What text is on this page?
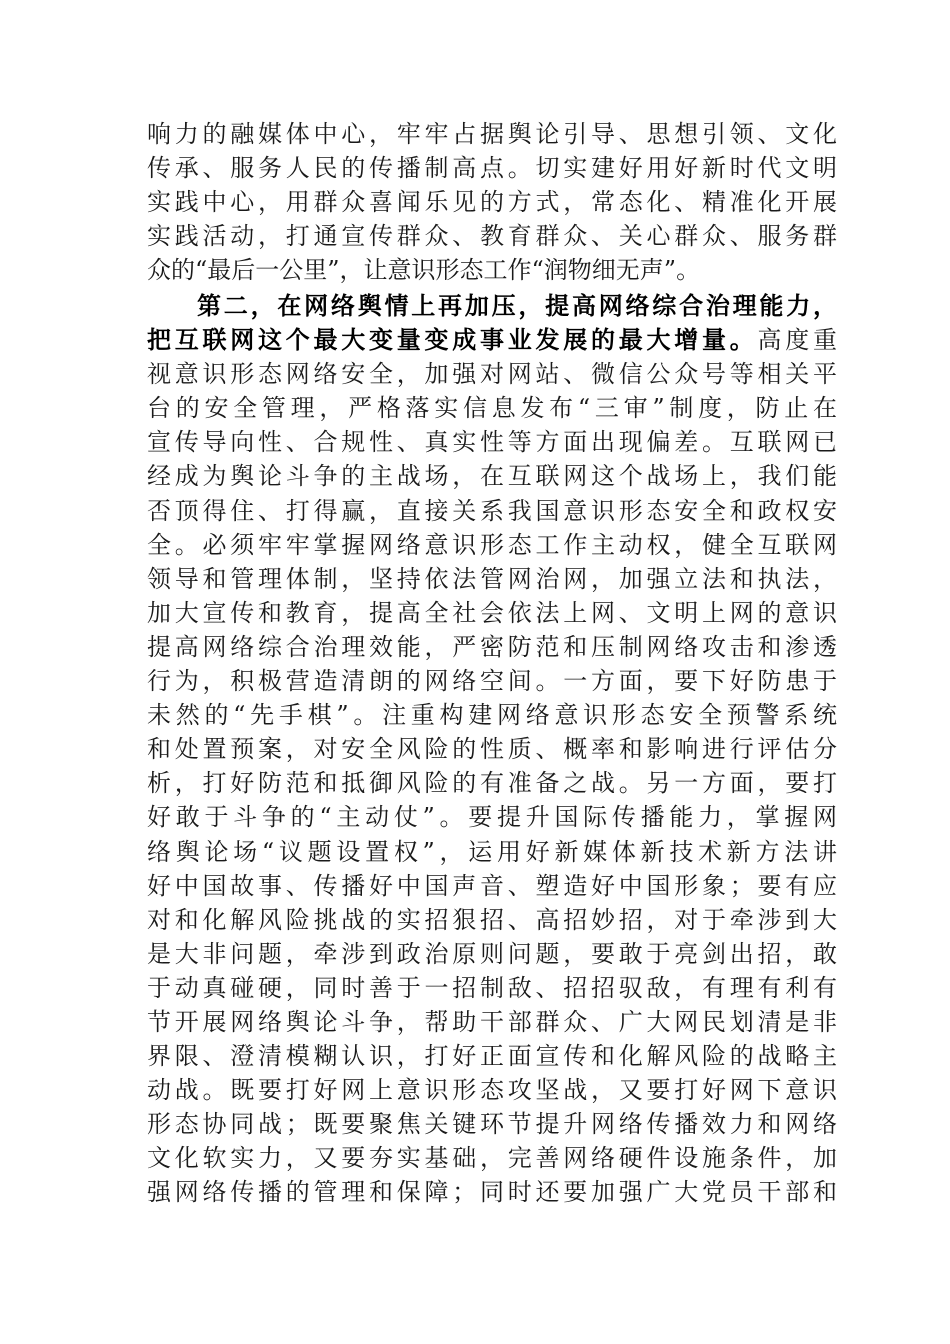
响力的融媒体中心，牢牢占据舆论引导、思想引领、文化
传承、服务人民的传播制高点。切实建好用好新时代文明
实践中心，用群众喜闻乐见的方式，常态化、精准化开展
实践活动，打通宣传群众、教育群众、关心群众、服务群
众的“最后一公里”，让意识形态工作“润物细无声”。
第二，在网络舆情上再加压，提高网络综合治理能力，
把互联网这个最大变量变成事业发展的最大增量。高度重
视意识形态网络安全，加强对网站、微信公众号等相关平
台的安全管理，严格落实信息发布“三审”制度，防止在
宣传导向性、合规性、真实性等方面出现偏差。互联网已
经成为舆论斗争的主战场，在互联网这个战场上，我们能
否顶得住、打得赢，直接关系我国意识形态安全和政权安
全。必须牢牢掌握网络意识形态工作主动权，健全互联网
领导和管理体制，坚持依法管网治网，加强立法和执法，
加大宣传和教育，提高全社会依法上网、文明上网的意识
提高网络综合治理效能，严密防范和压制网络攻击和渗透
行为，积极营造清朗的网络空间。一方面，要下好防患于
未然的“先手棋”。注重构建网络意识形态安全预警系统
和处置预案，对安全风险的性质、概率和影响进行评估分
析，打好防范和抵御风险的有准备之战。另一方面，要打
好敢于斗争的“主动仗”。要提升国际传播能力，掌握网
络舆论场“议题设置权”，运用好新媒体新技术新方法讲
好中国故事、传播好中国声音、塑造好中国形象；要有应
对和化解风险挑战的实招狠招、高招妙招，对于牵涉到大
是大非问题，牵涉到政治原则问题，要敢于亮剑出招，敢
于动真碰硬，同时善于一招制敌、招招驭敌，有理有利有
节开展网络舆论斗争，帮助干部群众、广大网民划清是非
界限、澄清模糊认识，打好正面宣传和化解风险的战略主
动战。既要打好网上意识形态攻坚战，又要打好网下意识
形态协同战；既要聚焦关键环节提升网络传播效力和网络
文化软实力，又要夯实基础，完善网络硬件设施条件，加
强网络传播的管理和保障；同时还要加强广大党员干部和
